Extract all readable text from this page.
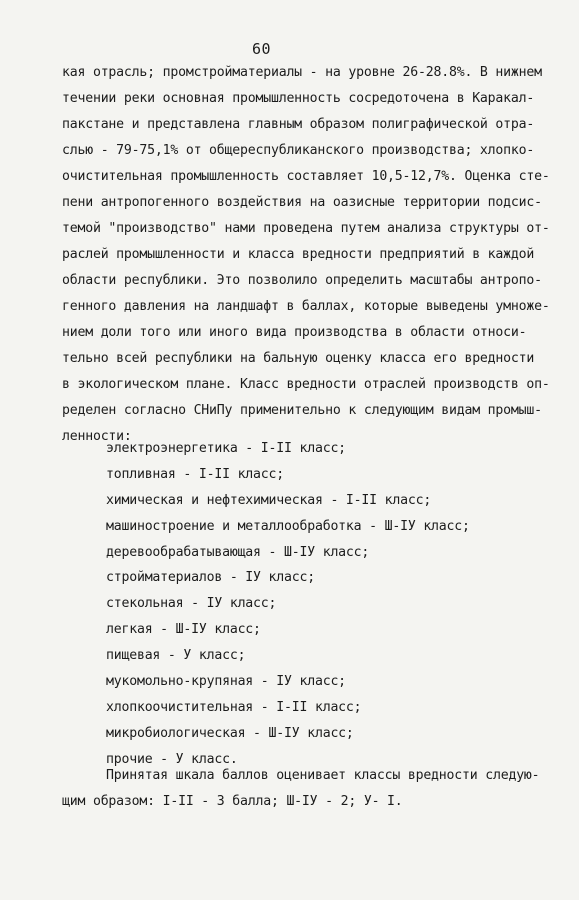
60
кая отрасль; промстройматериалы - на уровне 26-28.8%. В нижнем
течении реки основная промышленность сосредоточена в Каракал-
пакстане и представлена главным образом полиграфической отра-
слью - 79-75,1% от общереспубликанского производства; хлопко-
очистительная промышленность составляет 10,5-12,7%. Оценка сте-
пени антропогенного воздействия на оазисные территории подсис-
темой "производство" нами проведена путем анализа структуры от-
раслей промышленности и класса вредности предприятий в каждой
области республики. Это позволило определить масштабы антропо-
генного давления на ландшафт в баллах, которые выведены умноже-
нием доли того или иного вида производства в области относи-
тельно всей республики на бальную оценку класса его вредности
в экологическом плане. Класс вредности отраслей производств оп-
ределен согласно СНиПу применительно к следующим видам промыш-
ленности:
электроэнергетика - I-II класс;
топливная - I-II класс;
химическая и нефтехимическая - I-II класс;
машиностроение и металлообработка - Ш-IУ класс;
деревообрабатывающая - Ш-IУ класс;
стройматериалов - IУ класс;
стекольная - IУ класс;
легкая - Ш-IУ класс;
пищевая - У класс;
мукомольно-крупяная - IУ класс;
хлопкоочистительная - I-II класс;
микробиологическая - Ш-IУ класс;
прочие - У класс.
Принятая шкала баллов оценивает классы вредности следую-
щим образом: I-II - 3 балла; Ш-IУ - 2; У- I.
